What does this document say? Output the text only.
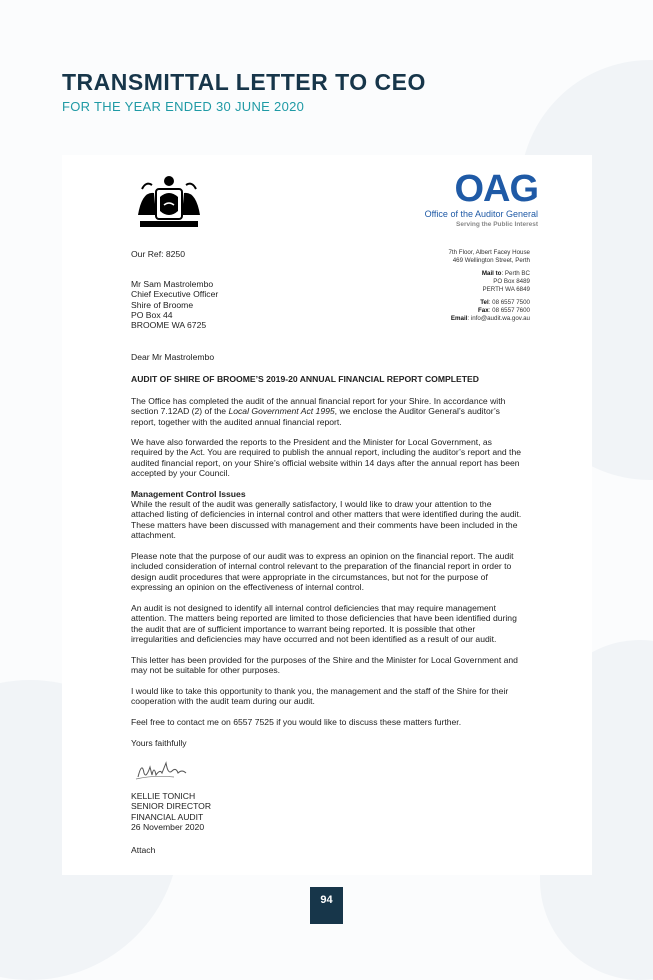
TRANSMITTAL LETTER TO CEO
FOR THE YEAR ENDED 30 JUNE 2020
OAG
Office of the Auditor General
Serving the Public Interest
Our Ref: 8250	7th Floor, Albert Facey House
469 Wellington Street, Perth
Mail to: Perth BC
PO Box 8489
PERTH WA 6849
Tel: 08 6557 7500
Fax: 08 6557 7600
Email: info@audit.wa.gov.au
Mr Sam Mastrolembo
Chief Executive Officer
Shire of Broome
PO Box 44
BROOME WA 6725
Dear Mr Mastrolembo
AUDIT OF SHIRE OF BROOME’S 2019-20 ANNUAL FINANCIAL REPORT COMPLETED
The Office has completed the audit of the annual financial report for your Shire. In accordance with section 7.12AD (2) of the Local Government Act 1995, we enclose the Auditor General’s auditor’s report, together with the audited annual financial report.
We have also forwarded the reports to the President and the Minister for Local Government, as required by the Act. You are required to publish the annual report, including the auditor’s report and the audited financial report, on your Shire’s official website within 14 days after the annual report has been accepted by your Council.
Management Control Issues
While the result of the audit was generally satisfactory, I would like to draw your attention to the attached listing of deficiencies in internal control and other matters that were identified during the audit. These matters have been discussed with management and their comments have been included in the attachment.
Please note that the purpose of our audit was to express an opinion on the financial report. The audit included consideration of internal control relevant to the preparation of the financial report in order to design audit procedures that were appropriate in the circumstances, but not for the purpose of expressing an opinion on the effectiveness of internal control.
An audit is not designed to identify all internal control deficiencies that may require management attention. The matters being reported are limited to those deficiencies that have been identified during the audit that are of sufficient importance to warrant being reported. It is possible that other irregularities and deficiencies may have occurred and not been identified as a result of our audit.
This letter has been provided for the purposes of the Shire and the Minister for Local Government and may not be suitable for other purposes.
I would like to take this opportunity to thank you, the management and the staff of the Shire for their cooperation with the audit team during our audit.
Feel free to contact me on 6557 7525 if you would like to discuss these matters further.
Yours faithfully
KELLIE TONICH
SENIOR DIRECTOR
FINANCIAL AUDIT
26 November 2020
Attach
94
